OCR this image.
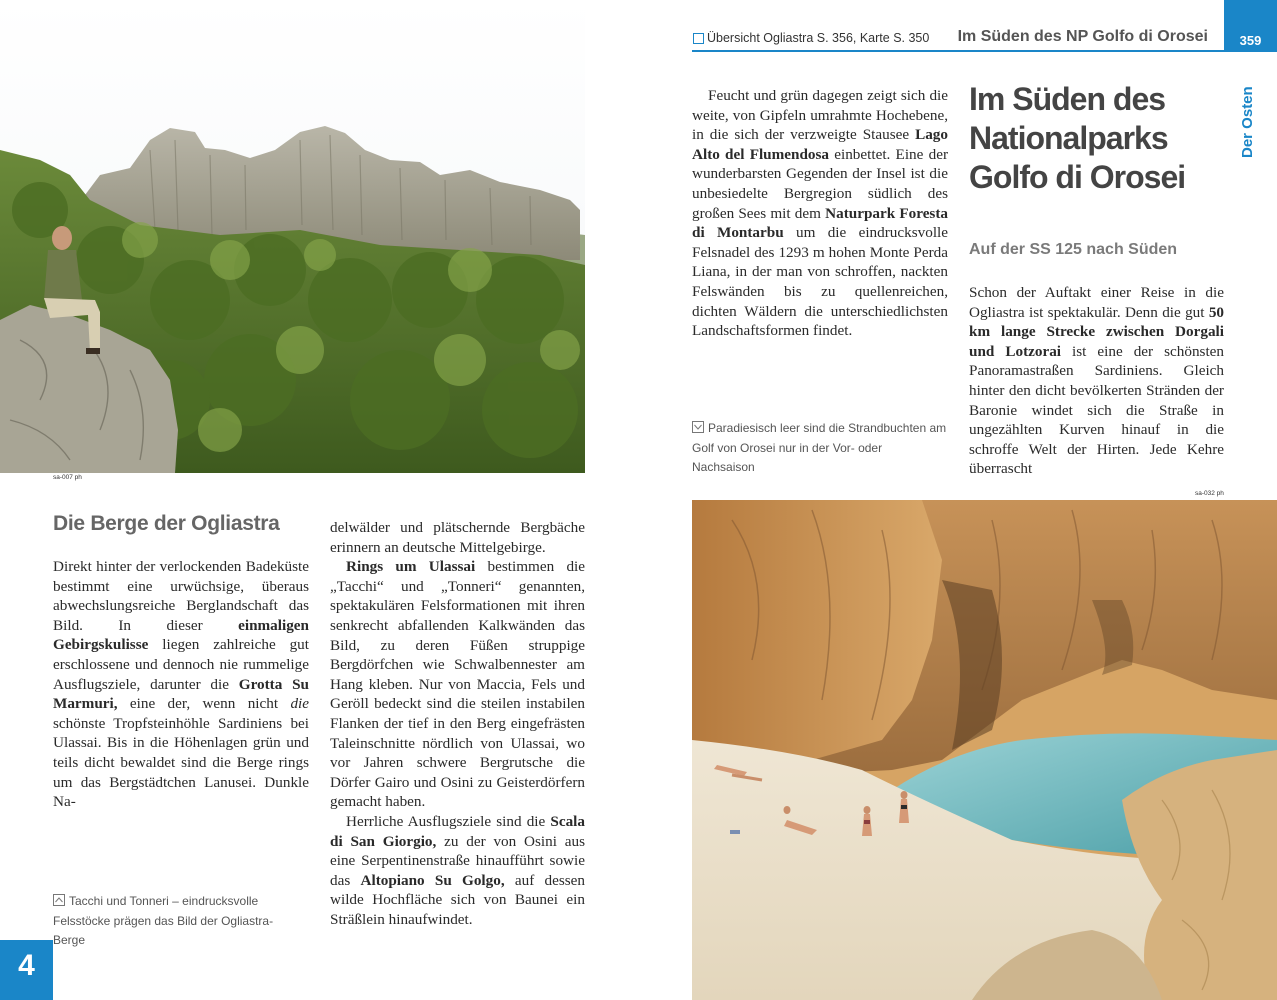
sa-007 ph
Die Berge der Ogliastra

Direkt hinter der verlockenden Badeküste bestimmt eine urwüchsige, überaus abwechslungsreiche Berglandschaft das Bild. In dieser einmaligen Gebirgskulisse liegen zahlreiche gut erschlossene und dennoch nie rummelige Ausflugsziele, darunter die Grotta Su Marmuri, eine der, wenn nicht die schönste Tropfsteinhöhle Sardiniens bei Ulassai. Bis in die Höhenlagen grün und teils dicht bewaldet sind die Berge rings um das Bergstädtchen Lanusei. Dunkle Na-

Tacchi und Tonneri – eindrucksvolle Felsstöcke prägen das Bild der Ogliastra-Berge

delwälder und plätschernde Bergbäche erinnern an deutsche Mittelgebirge.

Rings um Ulassai bestimmen die „Tacchi“ und „Tonneri“ genannten, spektakulären Felsformationen mit ihren senkrecht abfallenden Kalkwänden das Bild, zu deren Füßen struppige Bergdörfchen wie Schwalbennester am Hang kleben. Nur von Maccia, Fels und Geröll bedeckt sind die steilen instabilen Flanken der tief in den Berg eingefrästen Taleinschnitte nördlich von Ulassai, wo vor Jahren schwere Bergrutsche die Dörfer Gairo und Osini zu Geisterdörfern gemacht haben.

Herrliche Ausflugsziele sind die Scala di San Giorgio, zu der von Osini aus eine Serpentinenstraße hinaufführt sowie das Altopiano Su Golgo, auf dessen wilde Hochfläche sich von Baunei ein Sträßlein hinaufwindet.

4
Übersicht Ogliastra S. 356, Karte S. 350 Im Süden des NP Golfo di Orosei	359
Der Osten

Feucht und grün dagegen zeigt sich die weite, von Gipfeln umrahmte Hochebene, in die sich der verzweigte Stausee Lago Alto del Flumendosa einbettet. Eine der wunderbarsten Gegenden der Insel ist die unbesiedelte Bergregion südlich des großen Sees mit dem Naturpark Foresta di Montarbu um die eindrucksvolle Felsnadel des 1293 m hohen Monte Perda Liana, in der man von schroffen, nackten Felswänden bis zu quellenreichen, dichten Wäldern die unterschiedlichsten Landschaftsformen findet.

Paradiesisch leer sind die Strandbuchten am Golf von Orosei nur in der Vor- oder Nachsaison
Im Süden des
Nationalparks
Golfo di Orosei
Auf der SS 125 nach Süden

Schon der Auftakt einer Reise in die Ogliastra ist spektakulär. Denn die gut 50 km lange Strecke zwischen Dorgali und Lotzorai ist eine der schönsten Panoramastraßen Sardiniens. Gleich hinter den dicht bevölkerten Stränden der Baronie windet sich die Straße in ungezählten Kurven hinauf in die schroffe Welt der Hirten. Jede Kehre überrascht

sa-032 ph
